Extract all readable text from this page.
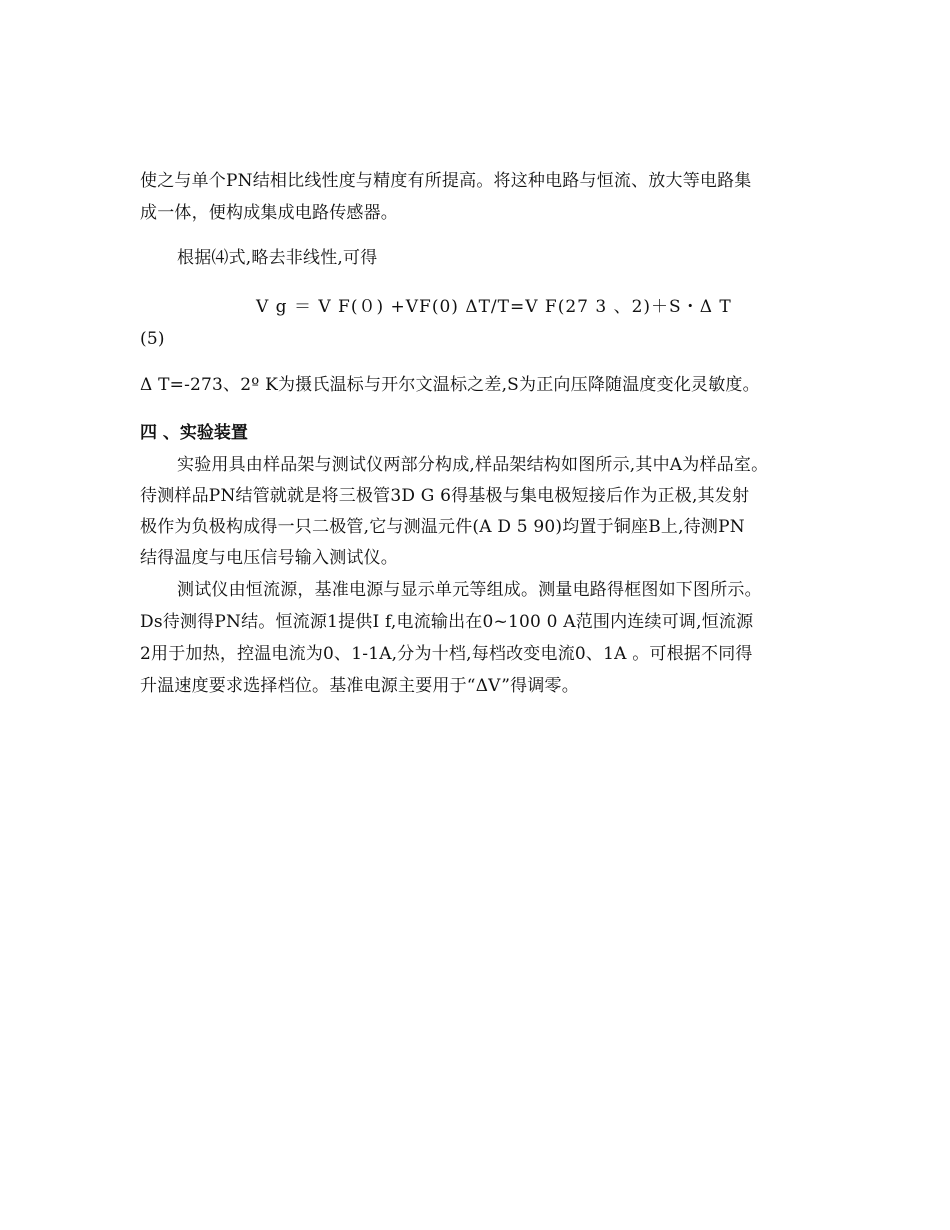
使之与单个PN结相比线性度与精度有所提高。将这种电路与恒流、放大等电路集
成一体，便构成集成电路传感器。
根据⑷式,略去非线性,可得
V g ＝ V F(０) +VF(0) ΔT/T=V F(27 3 、2)＋S・Δ T
(5)
Δ T=-273、2º K为摄氏温标与开尔文温标之差,S为正向压降随温度变化灵敏度。
四 、实验装置
实验用具由样品架与测试仪两部分构成,样品架结构如图所示,其中A为样品室。
待测样品PN结管就就是将三极管3D G 6得基极与集电极短接后作为正极,其发射
极作为负极构成得一只二极管,它与测温元件(A D 5 90)均置于铜座B上,待测PN
结得温度与电压信号输入测试仪。
测试仪由恒流源，基准电源与显示单元等组成。测量电路得框图如下图所示。
Ds待测得PN结。恒流源1提供I f,电流输出在0~100 0 A范围内连续可调,恒流源
2用于加热，控温电流为0、1-1A,分为十档,每档改变电流0、1A 。可根据不同得
升温速度要求选择档位。基准电源主要用于“ΔV”得调零。
